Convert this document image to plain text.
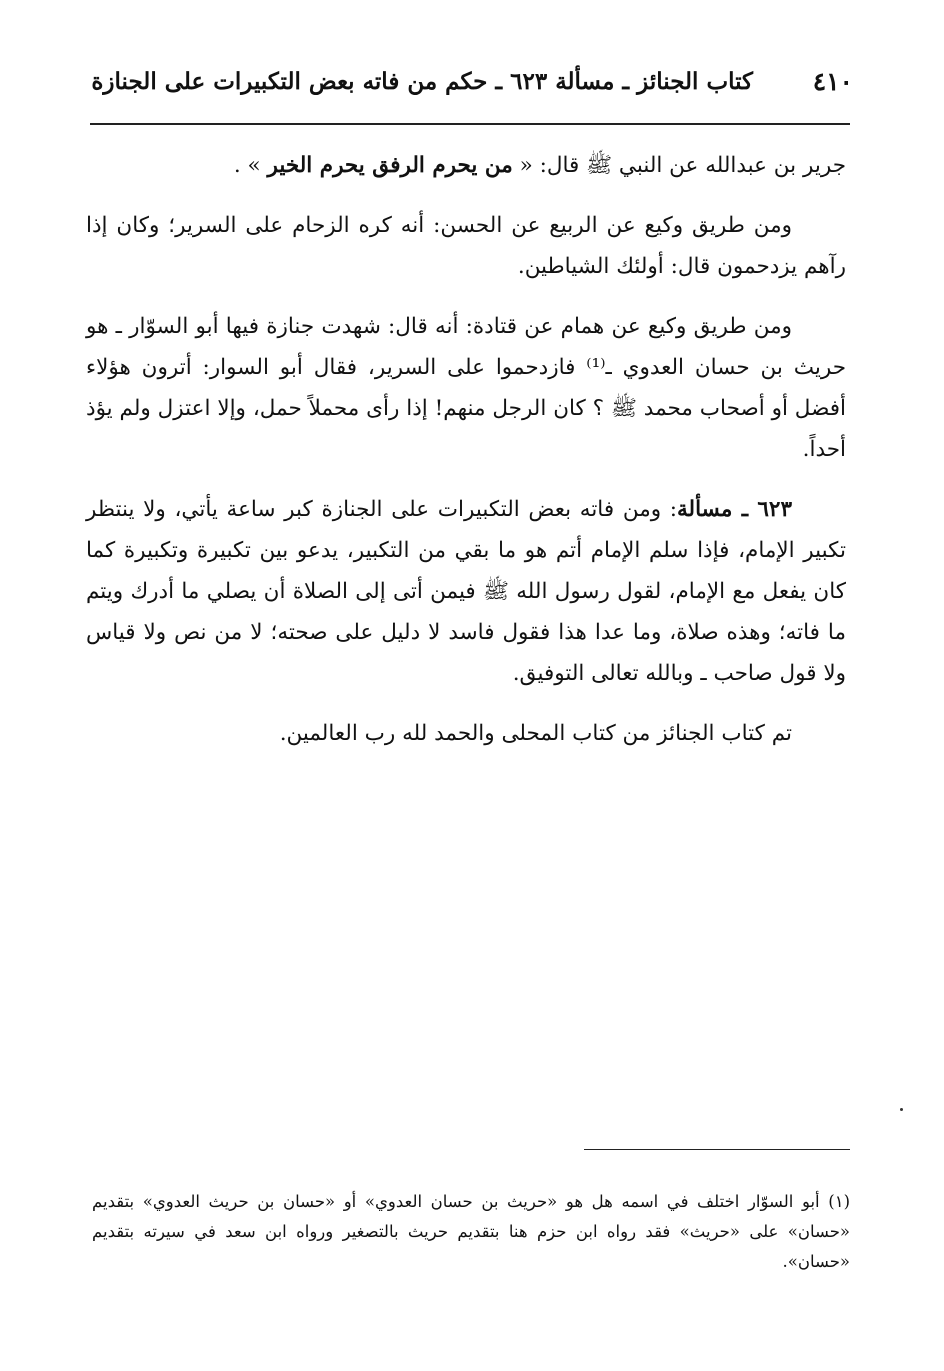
٤١٠
كتاب الجنائز ـ مسألة ٦٢٣ ـ حكم من فاته بعض التكبيرات على الجنازة

جرير بن عبدالله عن النبي ﷺ قال: « من يحرم الرفق يحرم الخير » .

ومن طريق وكيع عن الربيع عن الحسن: أنه كره الزحام على السرير؛ وكان إذا رآهم يزدحمون قال: أولئك الشياطين.

ومن طريق وكيع عن همام عن قتادة: أنه قال: شهدت جنازة فيها أبو السوّار ـ هو حريث بن حسان العدوي ـ⁽¹⁾ فازدحموا على السرير، فقال أبو السوار: أترون هؤلاء أفضل أو أصحاب محمد ﷺ ؟ كان الرجل منهم! إذا رأى محملاً حمل، وإلا اعتزل ولم يؤذ أحداً.

٦٢٣ ـ مسألة: ومن فاته بعض التكبيرات على الجنازة كبر ساعة يأتي، ولا ينتظر تكبير الإمام، فإذا سلم الإمام أتم هو ما بقي من التكبير، يدعو بين تكبيرة وتكبيرة كما كان يفعل مع الإمام، لقول رسول الله ﷺ فيمن أتى إلى الصلاة أن يصلي ما أدرك ويتم ما فاته؛ وهذه صلاة، وما عدا هذا فقول فاسد لا دليل على صحته؛ لا من نص ولا قياس ولا قول صاحب ـ وبالله تعالى التوفيق.

تم كتاب الجنائز من كتاب المحلى والحمد لله رب العالمين.

(١) أبو السوّار اختلف في اسمه هل هو «حريث بن حسان العدوي» أو «حسان بن حريث العدوي» بتقديم «حسان» على «حريث» فقد رواه ابن حزم هنا بتقديم حريث بالتصغير ورواه ابن سعد في سيرته بتقديم «حسان».
